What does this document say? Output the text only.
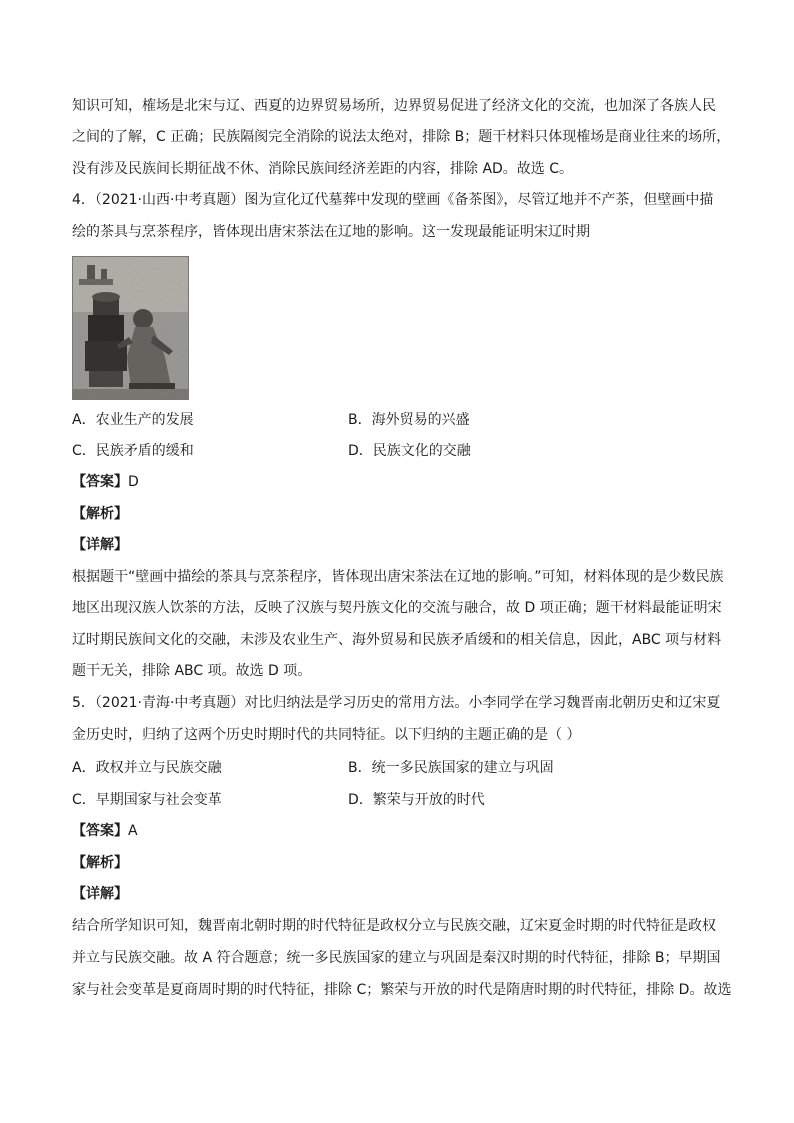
知识可知，榷场是北宋与辽、西夏的边界贸易场所，边界贸易促进了经济文化的交流，也加深了各族人民
之间的了解，C 正确；民族隔阂完全消除的说法太绝对，排除 B；题干材料只体现榷场是商业往来的场所，
没有涉及民族间长期征战不休、消除民族间经济差距的内容，排除 AD。故选 C。
4．（2021·山西·中考真题）图为宣化辽代墓葬中发现的壁画《备茶图》，尽管辽地并不产茶，但壁画中描
绘的茶具与烹茶程序，皆体现出唐宋茶法在辽地的影响。这一发现最能证明宋辽时期
A．农业生产的发展	B．海外贸易的兴盛
C．民族矛盾的缓和	D．民族文化的交融
【答案】D
【解析】
【详解】
根据题干“壁画中描绘的茶具与烹茶程序，皆体现出唐宋茶法在辽地的影响。”可知，材料体现的是少数民族
地区出现汉族人饮茶的方法，反映了汉族与契丹族文化的交流与融合，故 D 项正确；题干材料最能证明宋
辽时期民族间文化的交融，未涉及农业生产、海外贸易和民族矛盾缓和的相关信息，因此，ABC 项与材料
题干无关，排除 ABC 项。故选 D 项。
5．（2021·青海·中考真题）对比归纳法是学习历史的常用方法。小李同学在学习魏晋南北朝历史和辽宋夏
金历史时，归纳了这两个历史时期时代的共同特征。以下归纳的主题正确的是（ ）
A．政权并立与民族交融	B．统一多民族国家的建立与巩固
C．早期国家与社会变革	D．繁荣与开放的时代
【答案】A
【解析】
【详解】
结合所学知识可知，魏晋南北朝时期的时代特征是政权分立与民族交融，辽宋夏金时期的时代特征是政权
并立与民族交融。故 A 符合题意；统一多民族国家的建立与巩固是秦汉时期的时代特征，排除 B；早期国
家与社会变革是夏商周时期的时代特征，排除 C；繁荣与开放的时代是隋唐时期的时代特征，排除 D。故选
